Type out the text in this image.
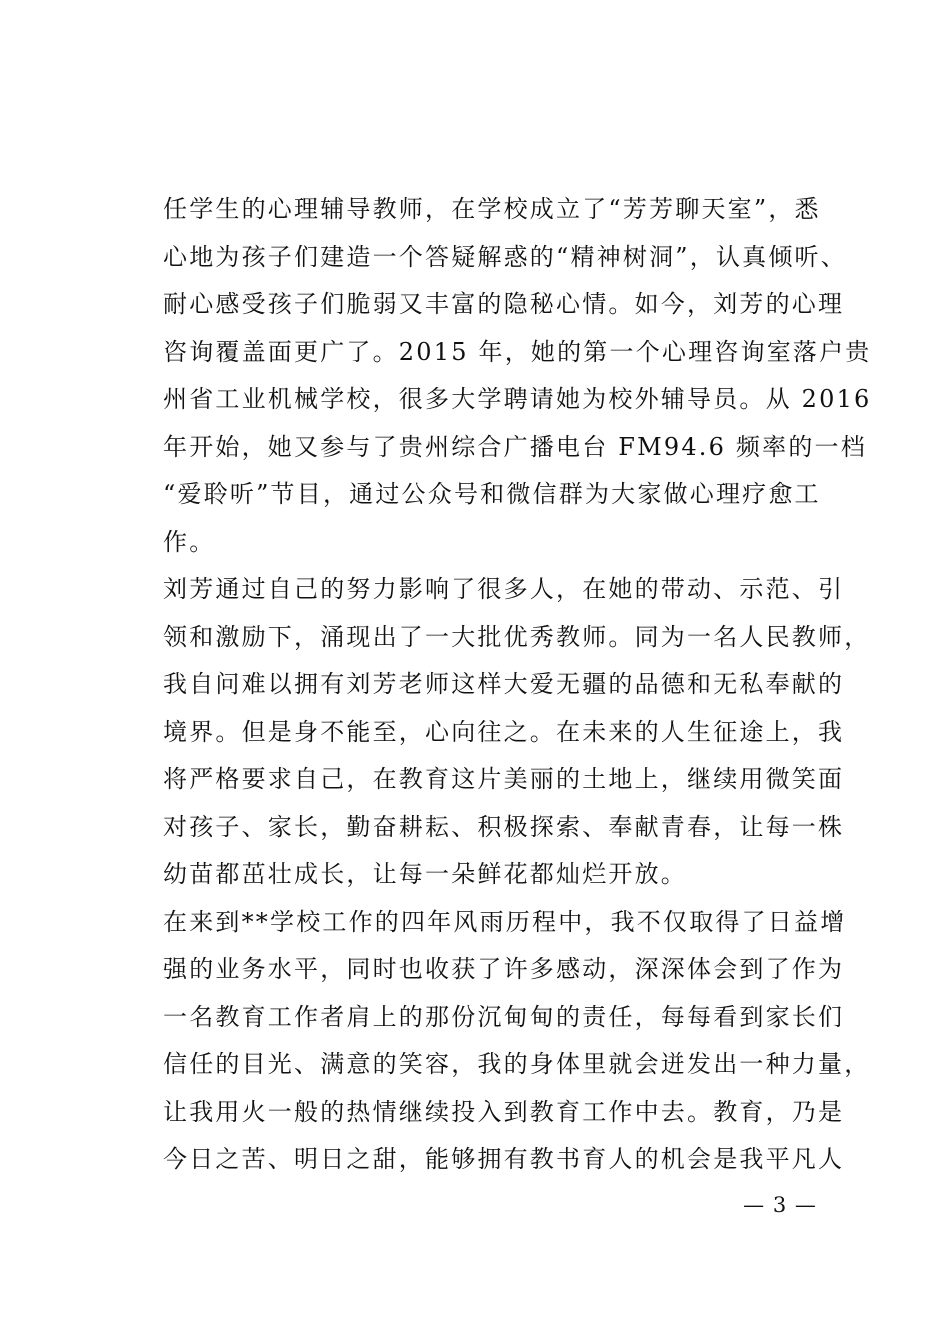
任学生的心理辅导教师，在学校成立了“芳芳聊天室”，悉
心地为孩子们建造一个答疑解惑的“精神树洞”，认真倾听、
耐心感受孩子们脆弱又丰富的隐秘心情。如今，刘芳的心理
咨询覆盖面更广了。2015 年，她的第一个心理咨询室落户贵
州省工业机械学校，很多大学聘请她为校外辅导员。从 2016
年开始，她又参与了贵州综合广播电台 FM94.6 频率的一档
“爱聆听”节目，通过公众号和微信群为大家做心理疗愈工
作。
刘芳通过自己的努力影响了很多人，在她的带动、示范、引
领和激励下，涌现出了一大批优秀教师。同为一名人民教师，
我自问难以拥有刘芳老师这样大爱无疆的品德和无私奉献的
境界。但是身不能至，心向往之。在未来的人生征途上，我
将严格要求自己，在教育这片美丽的土地上，继续用微笑面
对孩子、家长，勤奋耕耘、积极探索、奉献青春，让每一株
幼苗都茁壮成长，让每一朵鲜花都灿烂开放。
在来到**学校工作的四年风雨历程中，我不仅取得了日益增
强的业务水平，同时也收获了许多感动，深深体会到了作为
一名教育工作者肩上的那份沉甸甸的责任，每每看到家长们
信任的目光、满意的笑容，我的身体里就会迸发出一种力量，
让我用火一般的热情继续投入到教育工作中去。教育，乃是
今日之苦、明日之甜，能够拥有教书育人的机会是我平凡人
— 3 —
